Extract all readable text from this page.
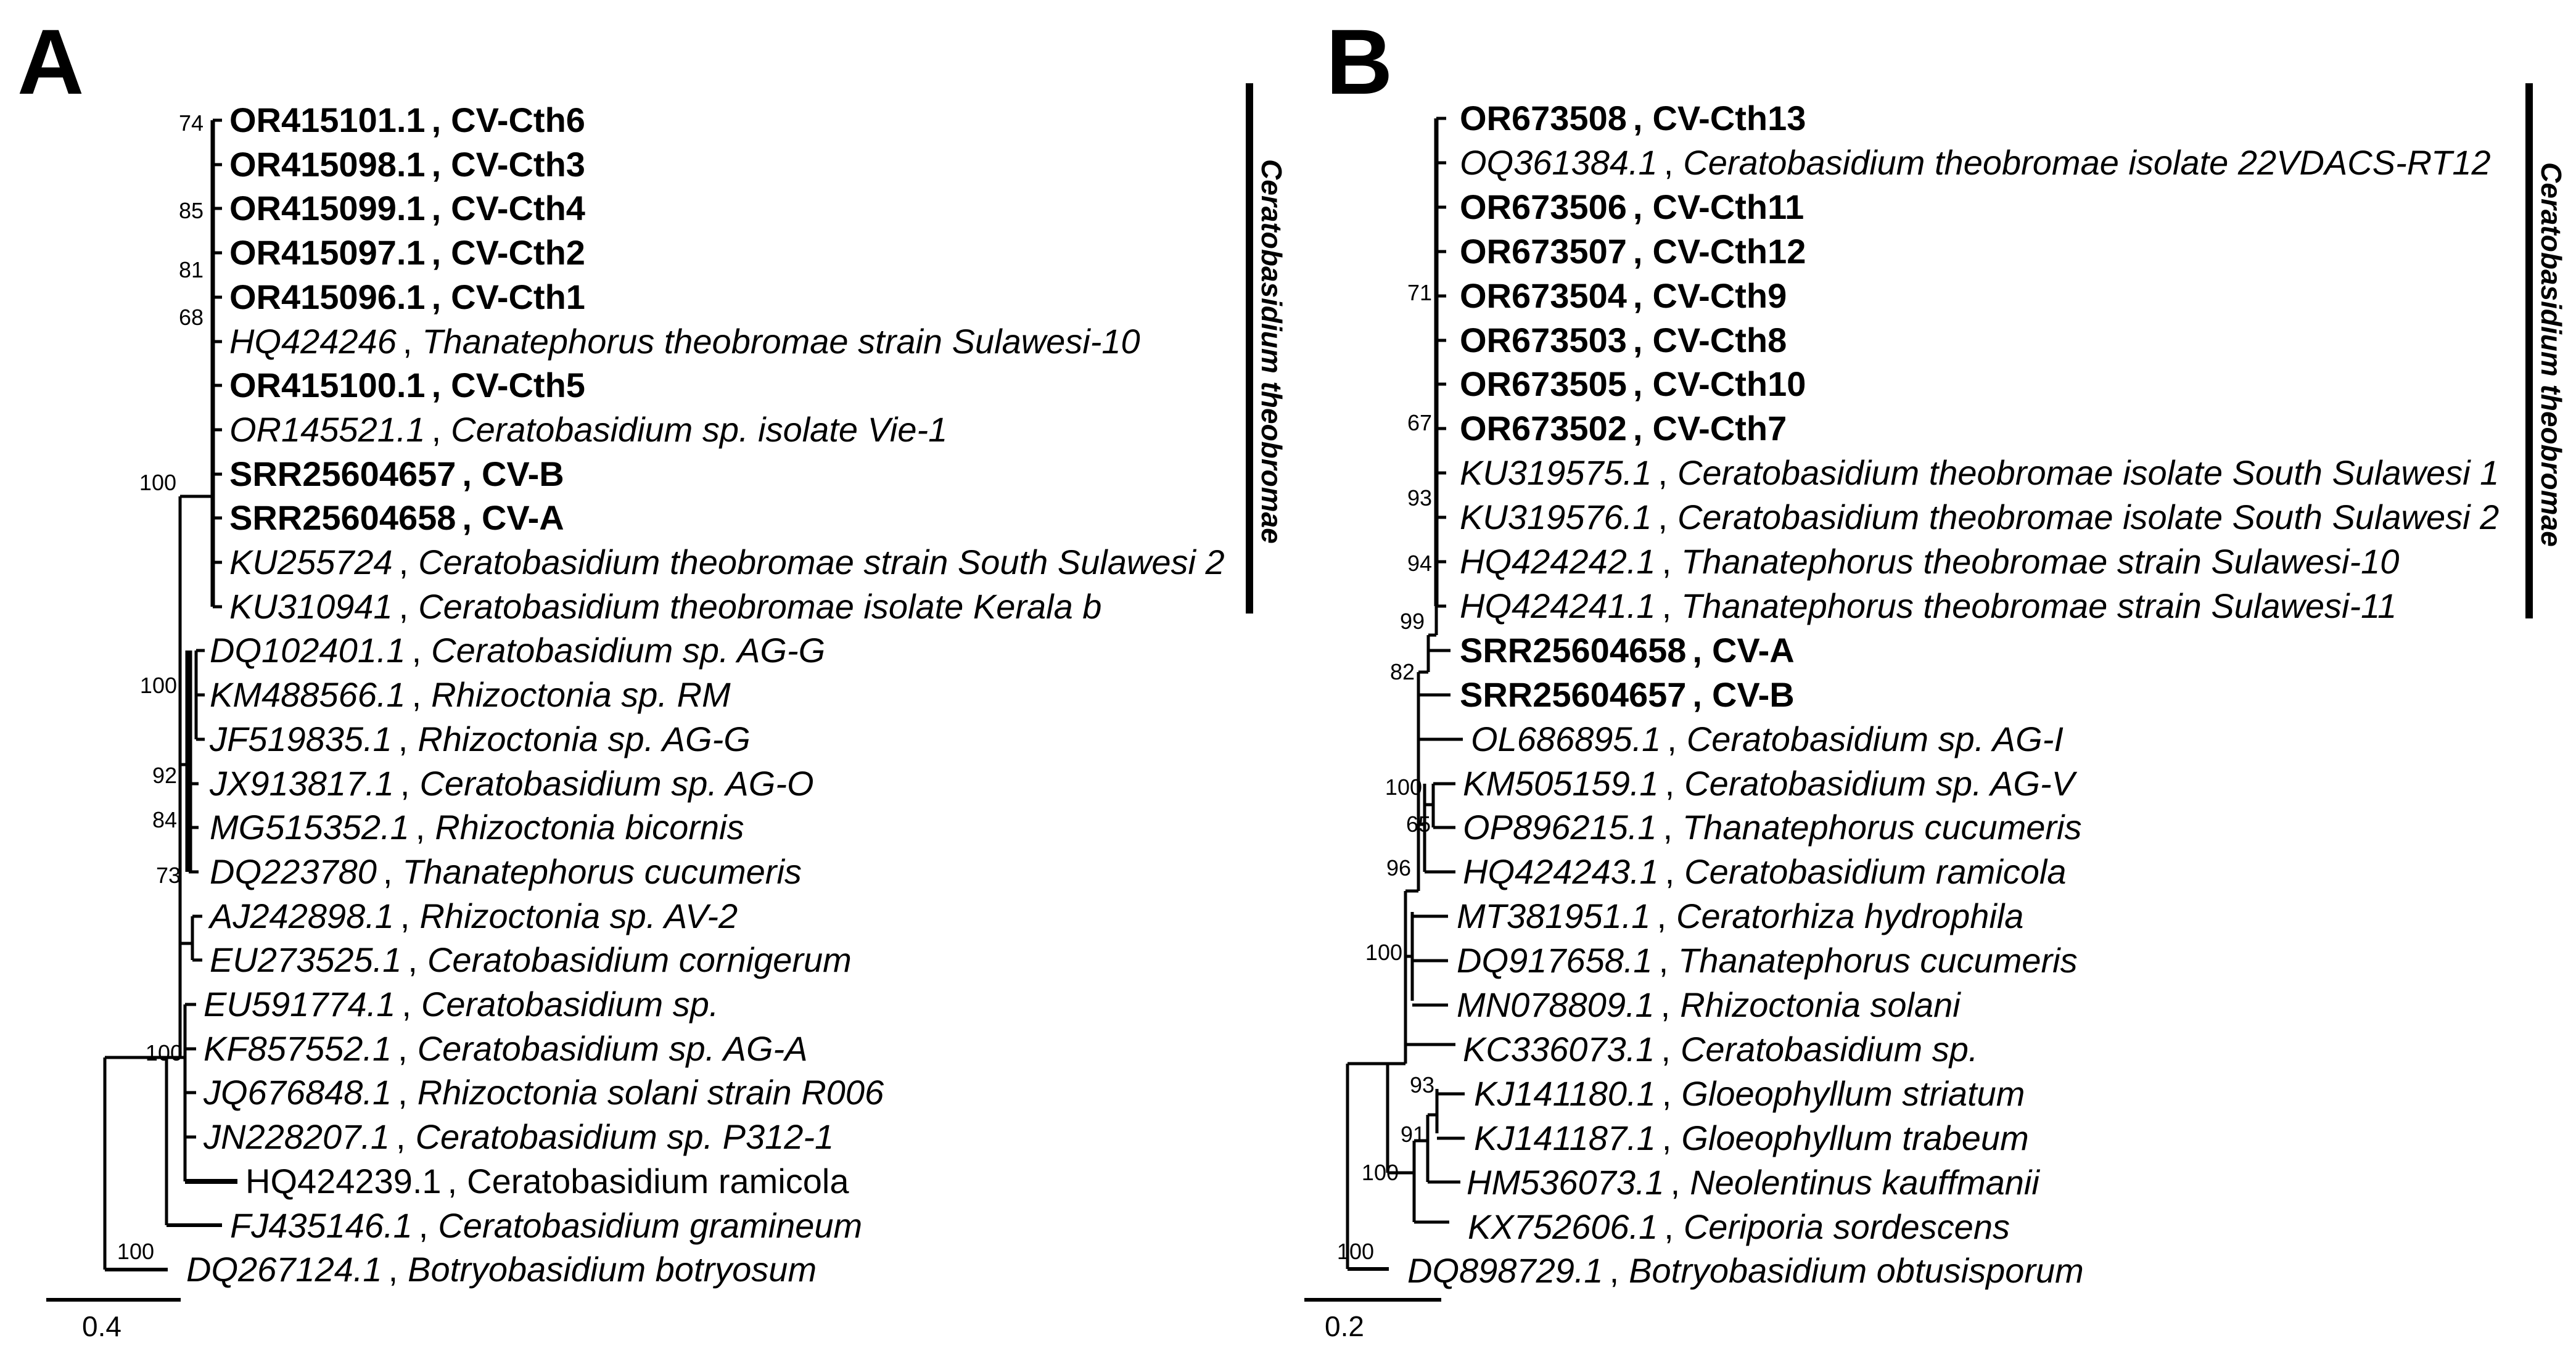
A
OR415101.1 , CV-Cth6
OR415098.1 , CV-Cth3
OR415099.1 , CV-Cth4
OR415097.1 , CV-Cth2
OR415096.1 , CV-Cth1
HQ424246 , Thanatephorus theobromae strain Sulawesi-10
OR415100.1 , CV-Cth5
OR145521.1 , Ceratobasidium sp. isolate Vie-1
SRR25604657 , CV-B
SRR25604658 , CV-A
KU255724 , Ceratobasidium theobromae strain South Sulawesi 2
KU310941 , Ceratobasidium theobromae isolate Kerala b
DQ102401.1 , Ceratobasidium sp. AG-G
KM488566.1 , Rhizoctonia sp. RM
JF519835.1 , Rhizoctonia sp. AG-G
JX913817.1 , Ceratobasidium sp. AG-O
MG515352.1 , Rhizoctonia bicornis
DQ223780 , Thanatephorus cucumeris
AJ242898.1 , Rhizoctonia sp. AV-2
EU273525.1 , Ceratobasidium cornigerum
EU591774.1 , Ceratobasidium sp.
KF857552.1 , Ceratobasidium sp. AG-A
JQ676848.1 , Rhizoctonia solani strain R006
JN228207.1 , Ceratobasidium sp. P312-1
HQ424239.1 , Ceratobasidium ramicola
FJ435146.1 , Ceratobasidium gramineum
DQ267124.1 , Botryobasidium botryosum
74
85
81
68
100
100
92
84
73
100
100
Ceratobasidium theobromae
0.4
B
OR673508 , CV-Cth13
OQ361384.1 , Ceratobasidium theobromae isolate 22VDACS-RT12
OR673506 , CV-Cth11
OR673507 , CV-Cth12
OR673504 , CV-Cth9
OR673503 , CV-Cth8
OR673505 , CV-Cth10
OR673502 , CV-Cth7
KU319575.1 , Ceratobasidium theobromae isolate South Sulawesi 1
KU319576.1 , Ceratobasidium theobromae isolate South Sulawesi 2
HQ424242.1 , Thanatephorus theobromae strain Sulawesi-10
HQ424241.1 , Thanatephorus theobromae strain Sulawesi-11
SRR25604658 , CV-A
SRR25604657 , CV-B
OL686895.1 , Ceratobasidium sp. AG-I
KM505159.1 , Ceratobasidium sp. AG-V
OP896215.1 , Thanatephorus cucumeris
HQ424243.1 , Ceratobasidium ramicola
MT381951.1 , Ceratorhiza hydrophila
DQ917658.1 , Thanatephorus cucumeris
MN078809.1 , Rhizoctonia solani
KC336073.1 , Ceratobasidium sp.
KJ141180.1 , Gloeophyllum striatum
KJ141187.1 , Gloeophyllum trabeum
HM536073.1 , Neolentinus kauffmanii
KX752606.1 , Ceriporia sordescens
DQ898729.1 , Botryobasidium obtusisporum
71
67
93
94
99
82
100
65
96
100
93
91
100
100
Ceratobasidium theobromae
0.2
